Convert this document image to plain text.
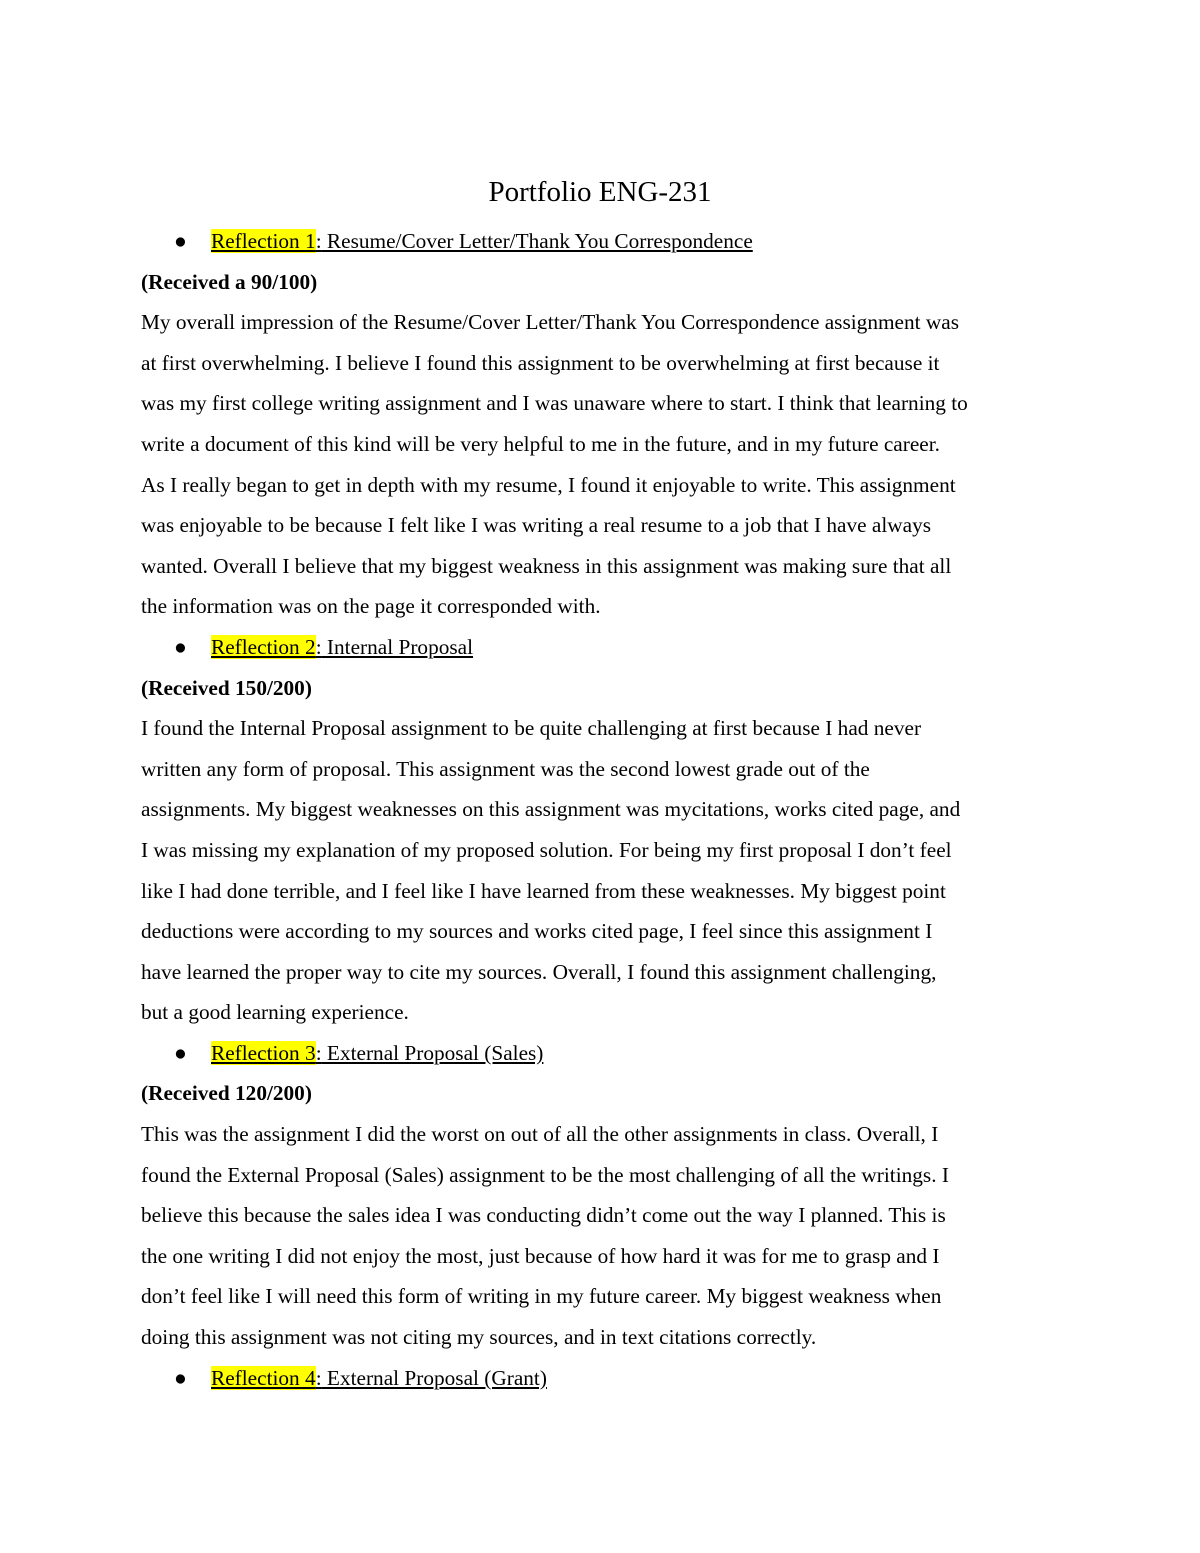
Portfolio ENG-231
● Reflection 1: Resume/Cover Letter/Thank You Correspondence
(Received a 90/100)
My overall impression of the Resume/Cover Letter/Thank You Correspondence assignment was
at first overwhelming. I believe I found this assignment to be overwhelming at first because it
was my first college writing assignment and I was unaware where to start. I think that learning to
write a document of this kind will be very helpful to me in the future, and in my future career.
As I really began to get in depth with my resume, I found it enjoyable to write. This assignment
was enjoyable to be because I felt like I was writing a real resume to a job that I have always
wanted. Overall I believe that my biggest weakness in this assignment was making sure that all
the information was on the page it corresponded with.
● Reflection 2: Internal Proposal
(Received 150/200)
I found the Internal Proposal assignment to be quite challenging at first because I had never
written any form of proposal. This assignment was the second lowest grade out of the
assignments. My biggest weaknesses on this assignment was mycitations, works cited page, and
I was missing my explanation of my proposed solution. For being my first proposal I don’t feel
like I had done terrible, and I feel like I have learned from these weaknesses. My biggest point
deductions were according to my sources and works cited page, I feel since this assignment I
have learned the proper way to cite my sources. Overall, I found this assignment challenging,
but a good learning experience.
● Reflection 3: External Proposal (Sales)
(Received 120/200)
This was the assignment I did the worst on out of all the other assignments in class. Overall, I
found the External Proposal (Sales) assignment to be the most challenging of all the writings. I
believe this because the sales idea I was conducting didn’t come out the way I planned. This is
the one writing I did not enjoy the most, just because of how hard it was for me to grasp and I
don’t feel like I will need this form of writing in my future career. My biggest weakness when
doing this assignment was not citing my sources, and in text citations correctly.
● Reflection 4: External Proposal (Grant)
